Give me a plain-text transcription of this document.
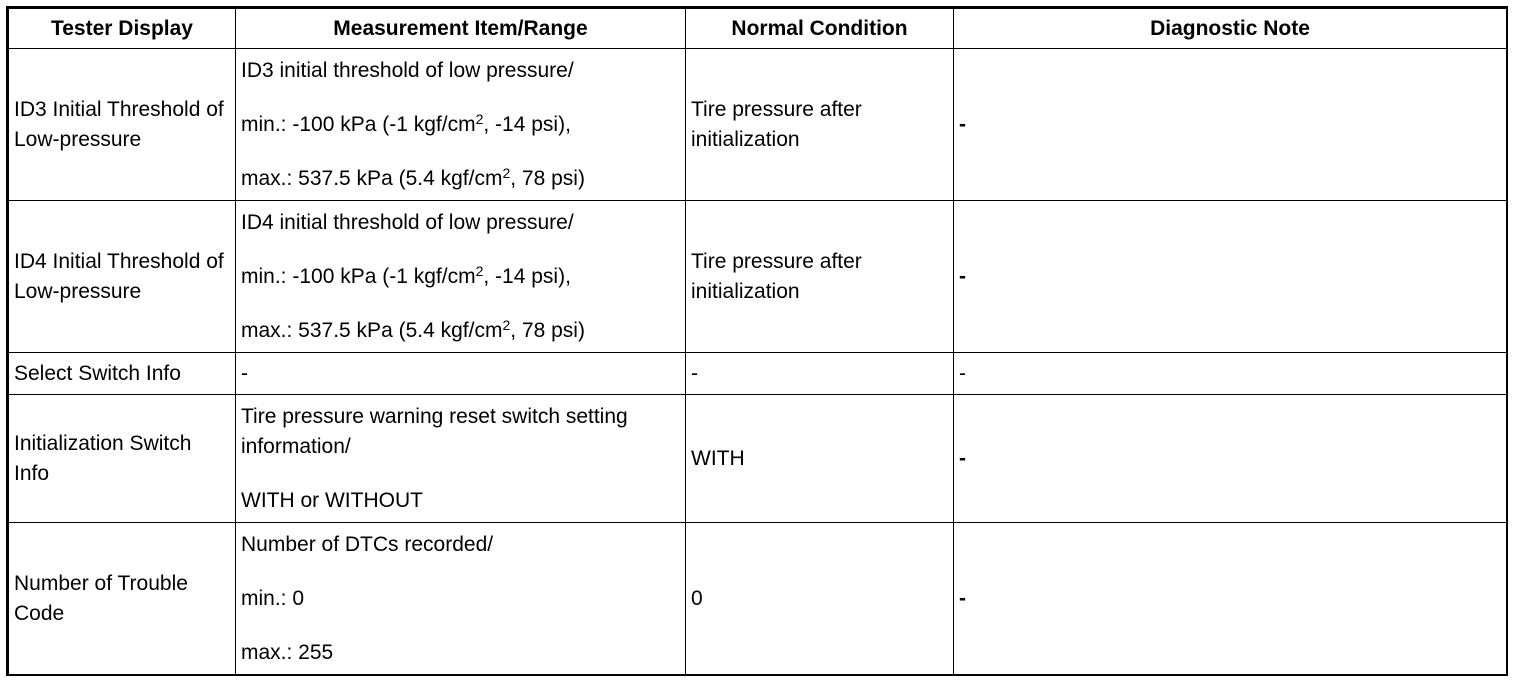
Tester Display	Measurement Item/Range	Normal Condition	Diagnostic Note
ID3 Initial Threshold of Low-pressure	ID3 initial threshold of low pressure/
min.: -100 kPa (-1 kgf/$cm^2$, -14 psi),
max.: 537.5 kPa (5.4 kgf/$cm^2$, 78 psi)	Tire pressure after initialization	-
ID4 Initial Threshold of Low-pressure	ID4 initial threshold of low pressure/
min.: -100 kPa (-1 kgf/$cm^2$, -14 psi),
max.: 537.5 kPa (5.4 kgf/$cm^2$, 78 psi)	Tire pressure after initialization	-
Select Switch Info	-	-	-
Initialization Switch Info	Tire pressure warning reset switch setting information/
WITH or WITHOUT	WITH	-
Number of Trouble Code	Number of DTCs recorded/
min.: 0
max.: 255	0	-
